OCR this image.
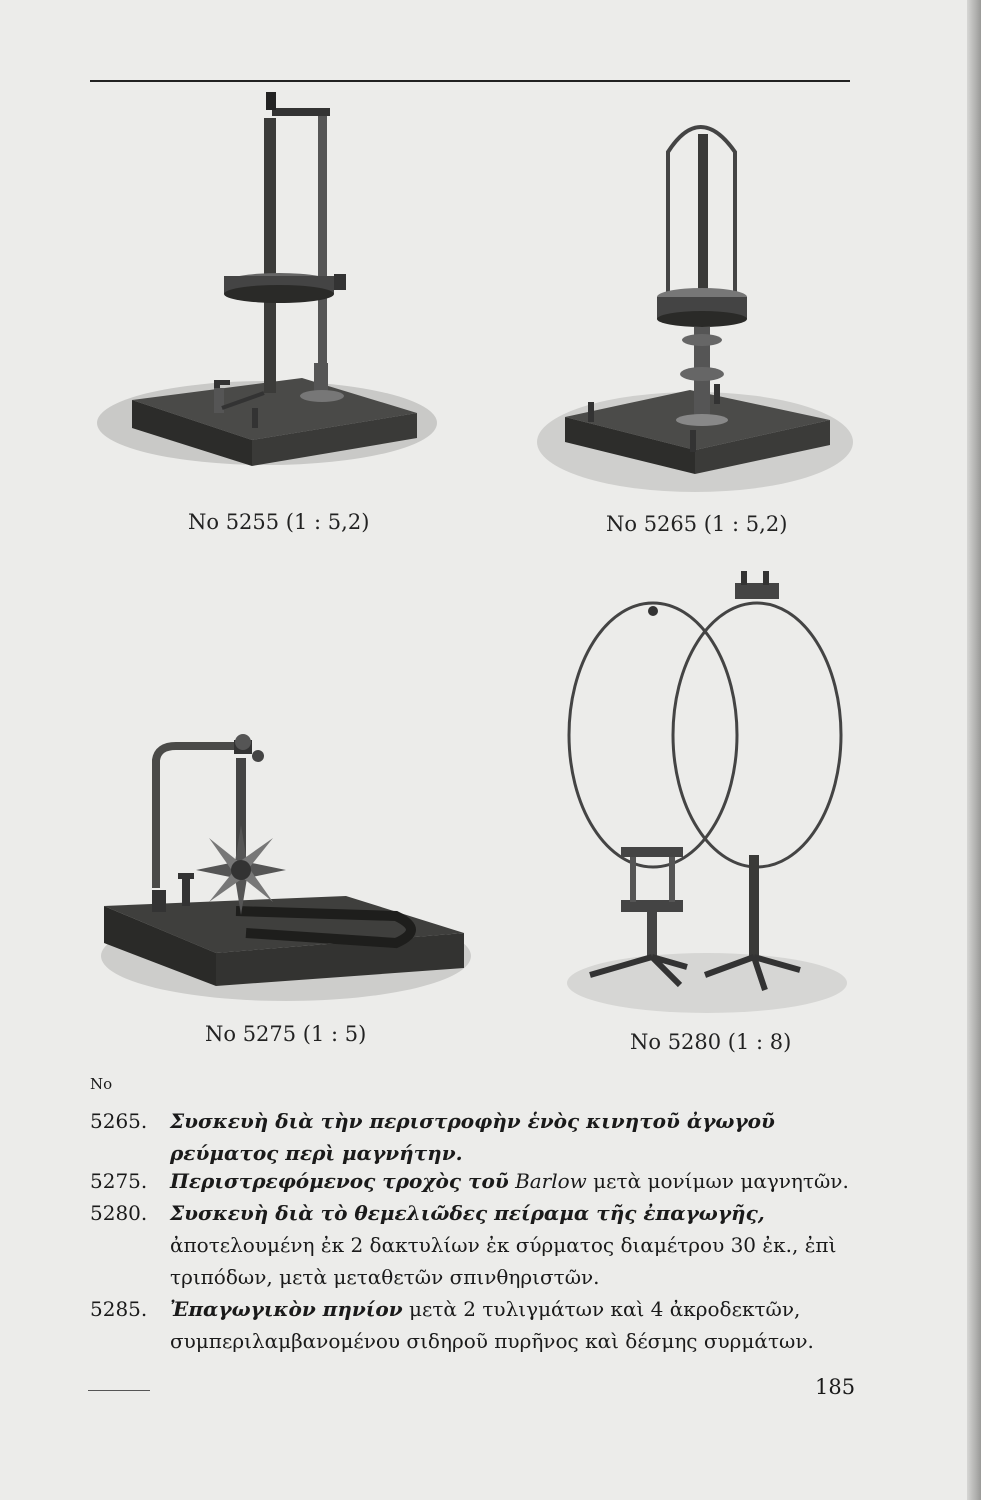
No 5255 (1 : 5,2)	No 5265 (1 : 5,2)
No 5275 (1 : 5)	No 5280 (1 : 8)
No
5265. Συσκευὴ διὰ τὴν περιστροφὴν ἑνὸς κινητοῦ ἀγωγοῦ ρεύματος περὶ μαγνήτην.
5275. Περιστρεφόμενος τροχὸς τοῦ Barlow μετὰ μονίμων μαγνητῶν.
5280. Συσκευὴ διὰ τὸ θεμελιῶδες πείραμα τῆς ἐπαγωγῆς, ἀποτελουμένη ἐκ 2 δακτυλίων ἐκ σύρματος διαμέτρου 30 ἐκ., ἐπὶ τριπόδων, μετὰ μεταθετῶν σπινθηριστῶν.
5285. Ἐπαγωγικὸν πηνίον μετὰ 2 τυλιγμάτων καὶ 4 ἀκροδεκτῶν, συμπεριλαμβανομένου σιδηροῦ πυρῆνος καὶ δέσμης συρμάτων.
185
